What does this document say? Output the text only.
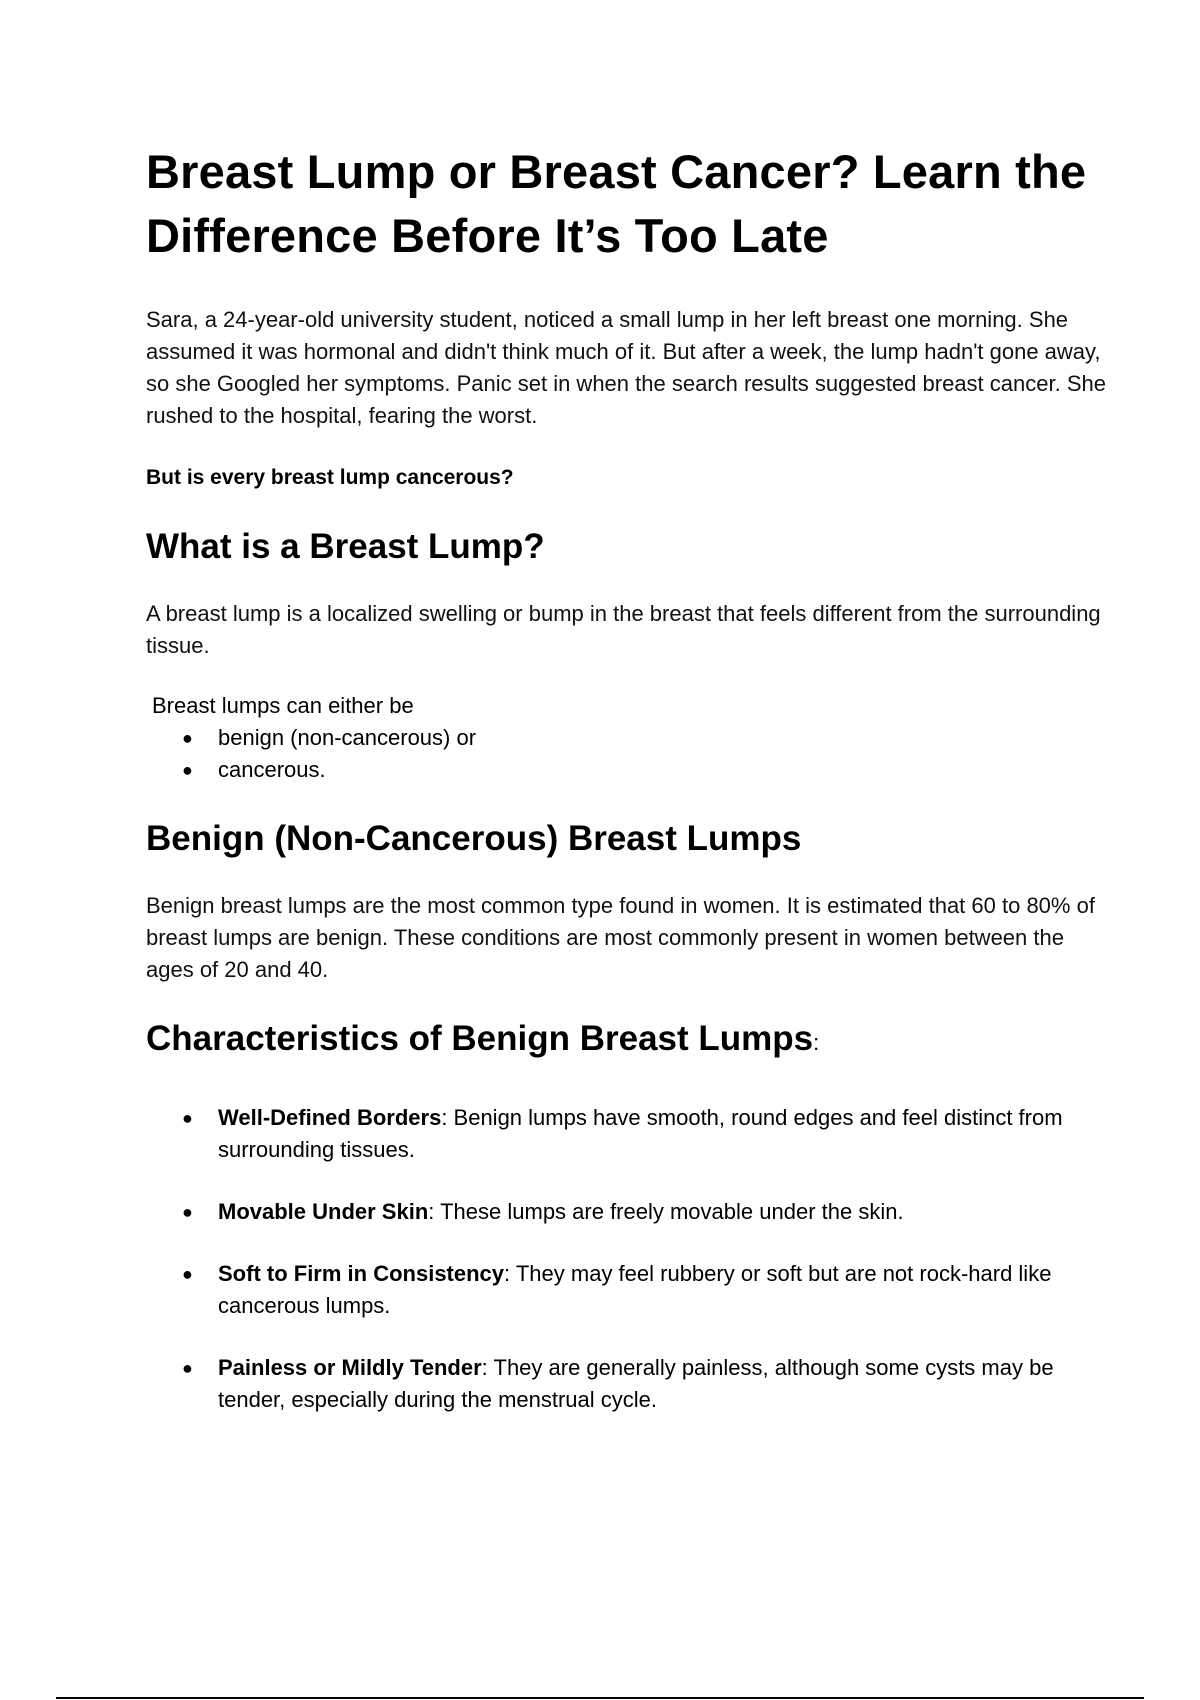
Breast Lump or Breast Cancer? Learn the Difference Before It’s Too Late

Sara, a 24-year-old university student, noticed a small lump in her left breast one morning. She assumed it was hormonal and didn't think much of it. But after a week, the lump hadn't gone away, so she Googled her symptoms. Panic set in when the search results suggested breast cancer. She rushed to the hospital, fearing the worst.

But is every breast lump cancerous?

What is a Breast Lump?

A breast lump is a localized swelling or bump in the breast that feels different from the surrounding tissue.

Breast lumps can either be
● benign (non-cancerous) or
● cancerous.
Benign (Non-Cancerous) Breast Lumps

Benign breast lumps are the most common type found in women. It is estimated that 60 to 80% of breast lumps are benign. These conditions are most commonly present in women between the ages of 20 and 40.

Characteristics of Benign Breast Lumps:
● Well-Defined Borders: Benign lumps have smooth, round edges and feel distinct from surrounding tissues.
● Movable Under Skin: These lumps are freely movable under the skin.
● Soft to Firm in Consistency: They may feel rubbery or soft but are not rock-hard like cancerous lumps.
● Painless or Mildly Tender: They are generally painless, although some cysts may be tender, especially during the menstrual cycle.
